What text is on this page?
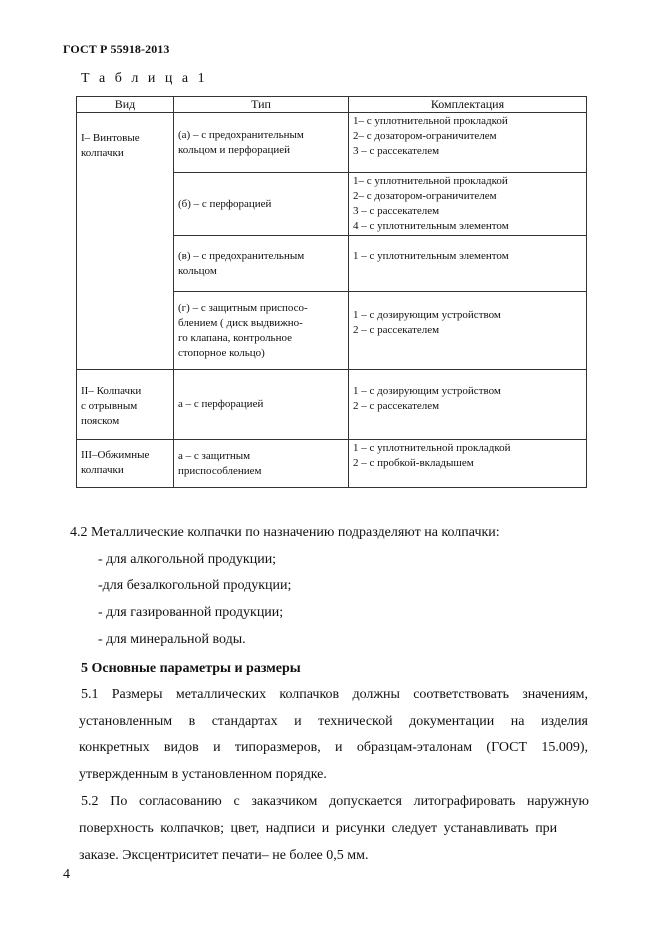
ГОСТ Р 55918-2013
Т а б л и ц а 1
Вид	Тип	Комплектация

I– Винтовые
колпачки	(а) – с предохранительным
кольцом и перфорацией	1– с уплотнительной прокладкой
2– с дозатором-ограничителем
3 – с рассекателем

	(б) – с перфорацией	1– с уплотнительной прокладкой
2– с дозатором-ограничителем
3 – с рассекателем
4 – с уплотнительным элементом

	(в) – с предохранительным
кольцом	1 – с уплотнительным элементом

	(г) – с защитным приспосо-
блением ( диск выдвижно-
го клапана, контрольное
стопорное кольцо)	1 – с дозирующим устройством
2 – с рассекателем

II– Колпачки
с отрывным
пояском	а – с перфорацией	1 – с дозирующим устройством
2 – с рассекателем

III–Обжимные
колпачки	а – с защитным
приспособлением	1 – с уплотнительной прокладкой
2 – с пробкой-вкладышем
4.2 Металлические колпачки по назначению подразделяют на колпачки:
- для алкогольной продукции;
-для безалкогольной продукции;
- для газированной продукции;
- для минеральной воды.
5 Основные параметры и размеры
5.1 Размеры металлических колпачков должны соответствовать значениям,
установленным в стандартах и технической документации на изделия
конкретных видов и типоразмеров, и образцам-эталонам (ГОСТ 15.009),
утвержденным в установленном порядке.
5.2 По согласованию с заказчиком допускается литографировать наружную
поверхность колпачков; цвет, надписи и рисунки следует устанавливать при
заказе. Эксцентриситет печати– не более 0,5 мм.
4
